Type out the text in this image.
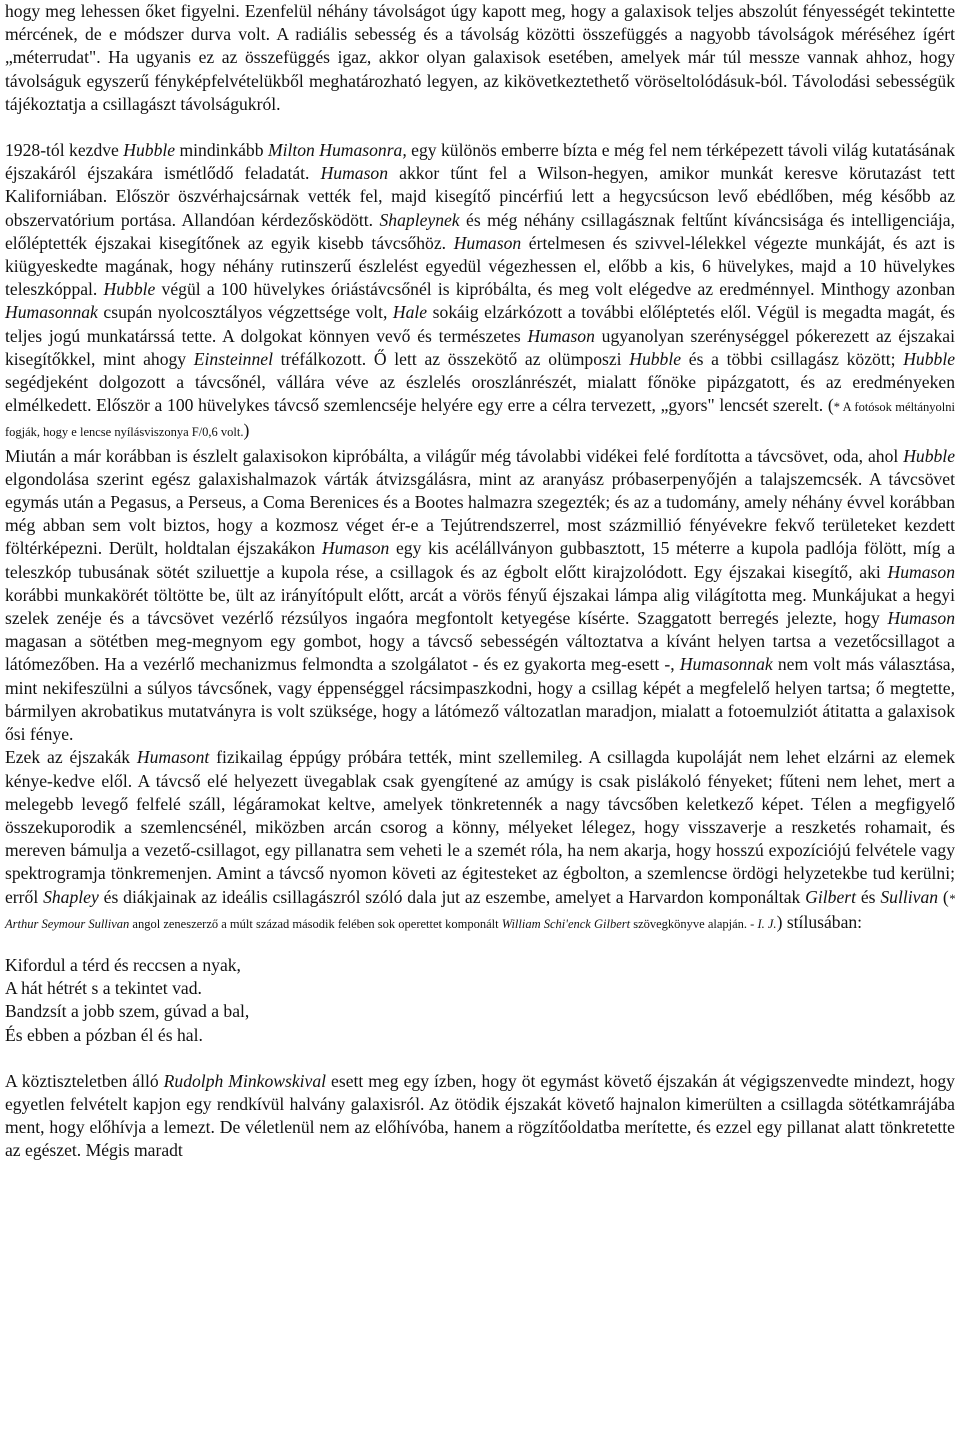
hogy meg lehessen őket figyelni. Ezenfelül néhány távolságot úgy kapott meg, hogy a galaxisok teljes abszolút fényességét tekintette mércének, de e módszer durva volt. A radiális sebesség és a távolság közötti összefüggés a nagyobb távolságok méréséhez ígért „méterrudat". Ha ugyanis ez az összefüggés igaz, akkor olyan galaxisok esetében, amelyek már túl messze vannak ahhoz, hogy távolságuk egyszerű fényképfelvételükből meghatározható legyen, az kikövetkeztethető vöröseltolódásuk-ból. Távolodási sebességük tájékoztatja a csillagászt távolságukról.

1928-tól kezdve Hubble mindinkább Milton Humasonra, egy különös emberre bízta e még fel nem térképezett távoli világ kutatásának éjszakáról éjszakára ismétlődő feladatát. Humason akkor tűnt fel a Wilson-hegyen, amikor munkát keresve körutazást tett Kaliforniában. Először öszvérhajcsárnak vették fel, majd kisegítő pincérfiú lett a hegycsúcson levő ebédlőben, még később az obszervatórium portása. Allandóan kérdezősködött. Shapleynek és még néhány csillagásznak feltűnt kíváncsisága és intelligenciája, előléptették éjszakai kisegítőnek az egyik kisebb távcsőhöz. Humason értelmesen és szivvel-lélekkel végezte munkáját, és azt is kiügyeskedte magának, hogy néhány rutinszerű észlelést egyedül végezhessen el, előbb a kis, 6 hüvelykes, majd a 10 hüvelykes teleszkóppal. Hubble végül a 100 hüvelykes óriástávcsőnél is kipróbálta, és meg volt elégedve az eredménnyel. Minthogy azonban Humasonnak csupán nyolcosztályos végzettsége volt, Hale sokáig elzárkózott a további előléptetés elől. Végül is megadta magát, és teljes jogú munkatárssá tette. A dolgokat könnyen vevő és természetes Humason ugyanolyan szerénységgel pókerezett az éjszakai kisegítőkkel, mint ahogy Einsteinnel tréfálkozott. Ő lett az összekötő az olümposzi Hubble és a többi csillagász között; Hubble segédjeként dolgozott a távcsőnél, vállára véve az észlelés oroszlánrészét, mialatt főnöke pipázgatott, és az eredményeken elmélkedett. Először a 100 hüvelykes távcső szemlencséje helyére egy erre a célra tervezett, „gyors" lencsét szerelt. (* A fotósok méltányolni fogják, hogy e lencse nyílásviszonya F/0,6 volt.)

Miután a már korábban is észlelt galaxisokon kipróbálta, a világűr még távolabbi vidékei felé fordította a távcsövet, oda, ahol Hubble elgondolása szerint egész galaxishalmazok várták átvizsgálásra, mint az aranyász próbaserpenyőjén a talajszemcsék. A távcsövet egymás után a Pegasus, a Perseus, a Coma Berenices és a Bootes halmazra szegezték; és az a tudomány, amely néhány évvel korábban még abban sem volt biztos, hogy a kozmosz véget ér-e a Tejútrendszerrel, most százmillió fényévekre fekvő területeket kezdett föltérképezni. Derült, holdtalan éjszakákon Humason egy kis acélállványon gubbasztott, 15 méterre a kupola padlója fölött, míg a teleszkóp tubusának sötét sziluettje a kupola rése, a csillagok és az égbolt előtt kirajzolódott. Egy éjszakai kisegítő, aki Humason korábbi munkakörét töltötte be, ült az irányítópult előtt, arcát a vörös fényű éjszakai lámpa alig világította meg. Munkájukat a hegyi szelek zenéje és a távcsövet vezérlő rézsúlyos ingaóra megfontolt ketyegése kísérte. Szaggatott berregés jelezte, hogy Humason magasan a sötétben meg-megnyom egy gombot, hogy a távcső sebességén változtatva a kívánt helyen tartsa a vezetőcsillagot a látómezőben. Ha a vezérlő mechanizmus felmondta a szolgálatot - és ez gyakorta meg-esett -, Humasonnak nem volt más választása, mint nekifeszülni a súlyos távcsőnek, vagy éppenséggel rácsimpaszkodni, hogy a csillag képét a megfelelő helyen tartsa; ő megtette, bármilyen akrobatikus mutatványra is volt szüksége, hogy a látómező változatlan maradjon, mialatt a fotoemulziót átitatta a galaxisok ősi fénye.

Ezek az éjszakák Humasont fizikailag éppúgy próbára tették, mint szellemileg. A csillagda kupoláját nem lehet elzárni az elemek kénye-kedve elől. A távcső elé helyezett üvegablak csak gyengítené az amúgy is csak pislákoló fényeket; fűteni nem lehet, mert a melegebb levegő felfelé száll, légáramokat keltve, amelyek tönkretennék a nagy távcsőben keletkező képet. Télen a megfigyelő összekuporodik a szemlencsénél, miközben arcán csorog a könny, mélyeket lélegez, hogy visszaverje a reszketés rohamait, és mereven bámulja a vezető-csillagot, egy pillanatra sem veheti le a szemét róla, ha nem akarja, hogy hosszú expozíciójú felvétele vagy spektrogramja tönkremenjen. Amint a távcső nyomon követi az égitesteket az égbolton, a szemlencse ördögi helyzetekbe tud kerülni; erről Shapley és diákjainak az ideális csillagászról szóló dala jut az eszembe, amelyet a Harvardon komponáltak Gilbert és Sullivan (* Arthur Seymour Sullivan angol zeneszerző a múlt század második felében sok operettet komponált William Schi'enck Gilbert szövegkönyve alapján. - I. J.) stílusában:

Kifordul a térd és reccsen a nyak,
A hát hétrét s a tekintet vad.
Bandzsít a jobb szem, gúvad a bal,
És ebben a pózban él és hal.

A köztiszteletben álló Rudolph Minkowskival esett meg egy ízben, hogy öt egymást követő éjszakán át végigszenvedte mindezt, hogy egyetlen felvételt kapjon egy rendkívül halvány galaxisról. Az ötödik éjszakát követő hajnalon kimerülten a csillagda sötétkamrájába ment, hogy előhívja a lemezt. De véletlenül nem az előhívóba, hanem a rögzítőoldatba merítette, és ezzel egy pillanat alatt tönkretette az egészet. Mégis maradt
